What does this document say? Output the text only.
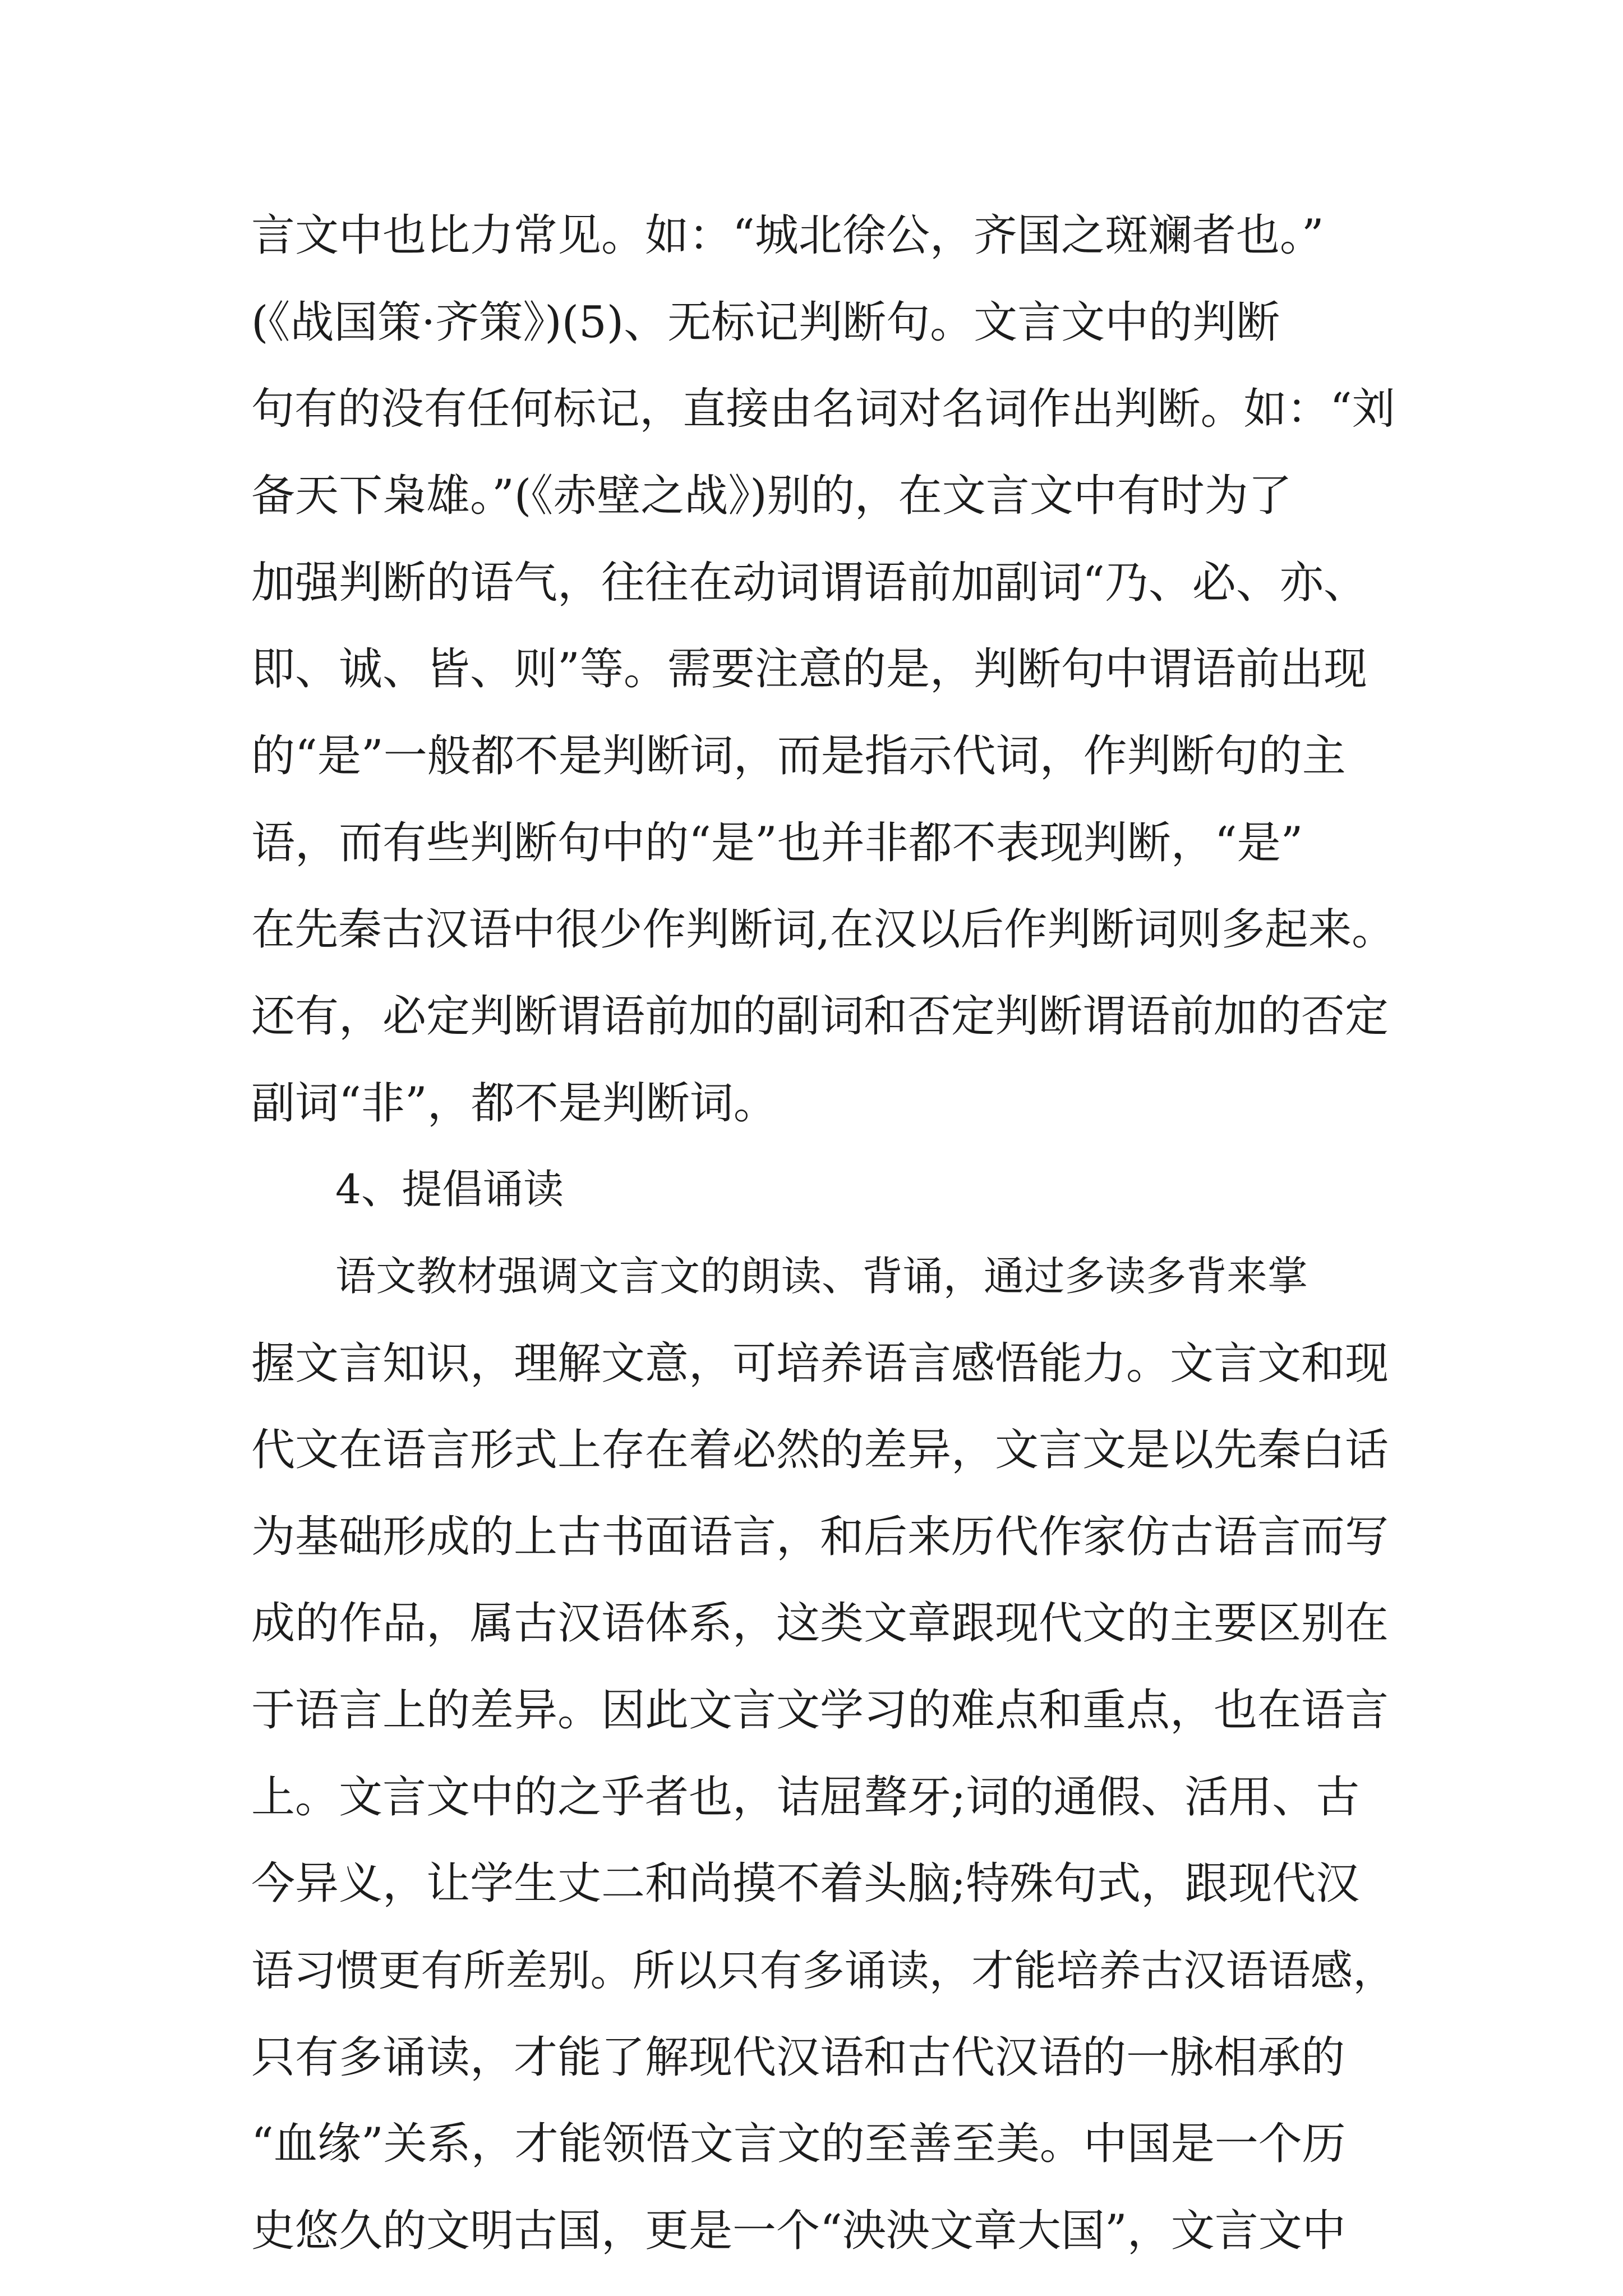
言文中也比力常见。如：“城北徐公，齐国之斑斓者也。”
(《战国策·齐策》)(5)、无标记判断句。文言文中的判断
句有的没有任何标记，直接由名词对名词作出判断。如：“刘
备天下枭雄。”(《赤壁之战》)别的，在文言文中有时为了
加强判断的语气，往往在动词谓语前加副词“乃、必、亦、
即、诚、皆、则”等。需要注意的是，判断句中谓语前出现
的“是”一般都不是判断词，而是指示代词，作判断句的主
语，而有些判断句中的“是”也并非都不表现判断，“是”
在先秦古汉语中很少作判断词,在汉以后作判断词则多起来。
还有，必定判断谓语前加的副词和否定判断谓语前加的否定
副词“非”，都不是判断词。
4、提倡诵读
语文教材强调文言文的朗读、背诵，通过多读多背来掌
握文言知识，理解文意，可培养语言感悟能力。文言文和现
代文在语言形式上存在着必然的差异，文言文是以先秦白话
为基础形成的上古书面语言，和后来历代作家仿古语言而写
成的作品，属古汉语体系，这类文章跟现代文的主要区别在
于语言上的差异。因此文言文学习的难点和重点，也在语言
上。文言文中的之乎者也，诘屈聱牙;词的通假、活用、古
今异义，让学生丈二和尚摸不着头脑;特殊句式，跟现代汉
语习惯更有所差别。所以只有多诵读，才能培养古汉语语感，
只有多诵读，才能了解现代汉语和古代汉语的一脉相承的
“血缘”关系，才能领悟文言文的至善至美。中国是一个历
史悠久的文明古国，更是一个“泱泱文章大国”，文言文中
